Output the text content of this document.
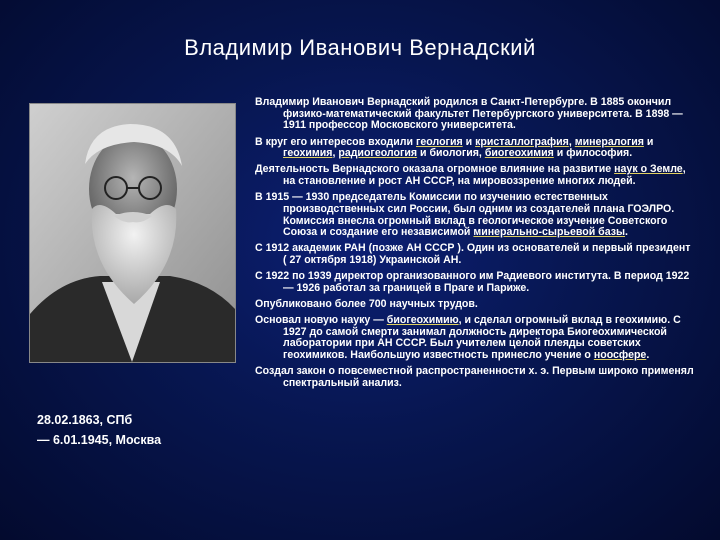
Владимир Иванович Вернадский
28.02.1863, СПб
— 6.01.1945, Москва
Владимир Иванович Вернадский родился в Санкт-Петербурге. В 1885 окончил физико-математический факультет Петербургского университета. В 1898 — 1911 профессор Московского университета.
В круг его интересов входили геология и кристаллография, минералогия и геохимия, радиогеология и биология, биогеохимия и философия.
Деятельность Вернадского оказала огромное влияние на развитие наук о Земле, на становление и рост АН СССР, на мировоззрение многих людей.
В 1915 — 1930 председатель Комиссии по изучению естественных производственных сил России, был одним из создателей плана ГОЭЛРО. Комиссия внесла огромный вклад в геологическое изучение Советского Союза и создание его независимой минерально-сырьевой базы.
С 1912 академик РАН (позже АН СССР ). Один из основателей и первый президент ( 27 октября 1918) Украинской АН.
С 1922 по 1939 директор организованного им Радиевого института. В период 1922 — 1926 работал за границей в Праге и Париже.
Опубликовано более 700 научных трудов.
Основал новую науку — биогеохимию, и сделал огромный вклад в геохимию. С 1927 до самой смерти занимал должность директора Биогеохимической лаборатории при АН СССР. Был учителем целой плеяды советских геохимиков. Наибольшую известность принесло учение о ноосфере.
Создал закон о повсеместной распространенности х. э. Первым широко применял спектральный анализ.
